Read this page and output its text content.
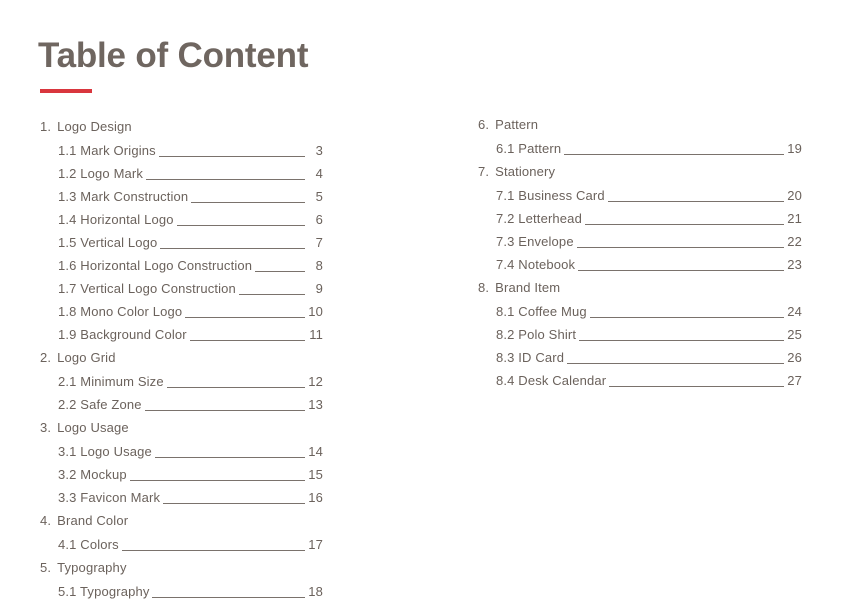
Table of Content
1. Logo Design
1.1 Mark Origins	3
1.2 Logo Mark	4
1.3 Mark Construction	5
1.4 Horizontal Logo	6
1.5 Vertical Logo	7
1.6 Horizontal Logo Construction	8
1.7 Vertical Logo Construction	9
1.8 Mono Color Logo	10
1.9 Background Color	11
2. Logo Grid
2.1 Minimum Size	12
2.2 Safe Zone	13
3. Logo Usage
3.1 Logo Usage	14
3.2 Mockup	15
3.3 Favicon Mark	16
4. Brand Color
4.1 Colors	17
5. Typography
5.1 Typography	18
6. Pattern
6.1 Pattern	19
7. Stationery
7.1 Business Card	20
7.2 Letterhead	21
7.3 Envelope	22
7.4 Notebook	23
8. Brand Item
8.1 Coffee Mug	24
8.2 Polo Shirt	25
8.3 ID Card	26
8.4 Desk Calendar	27
